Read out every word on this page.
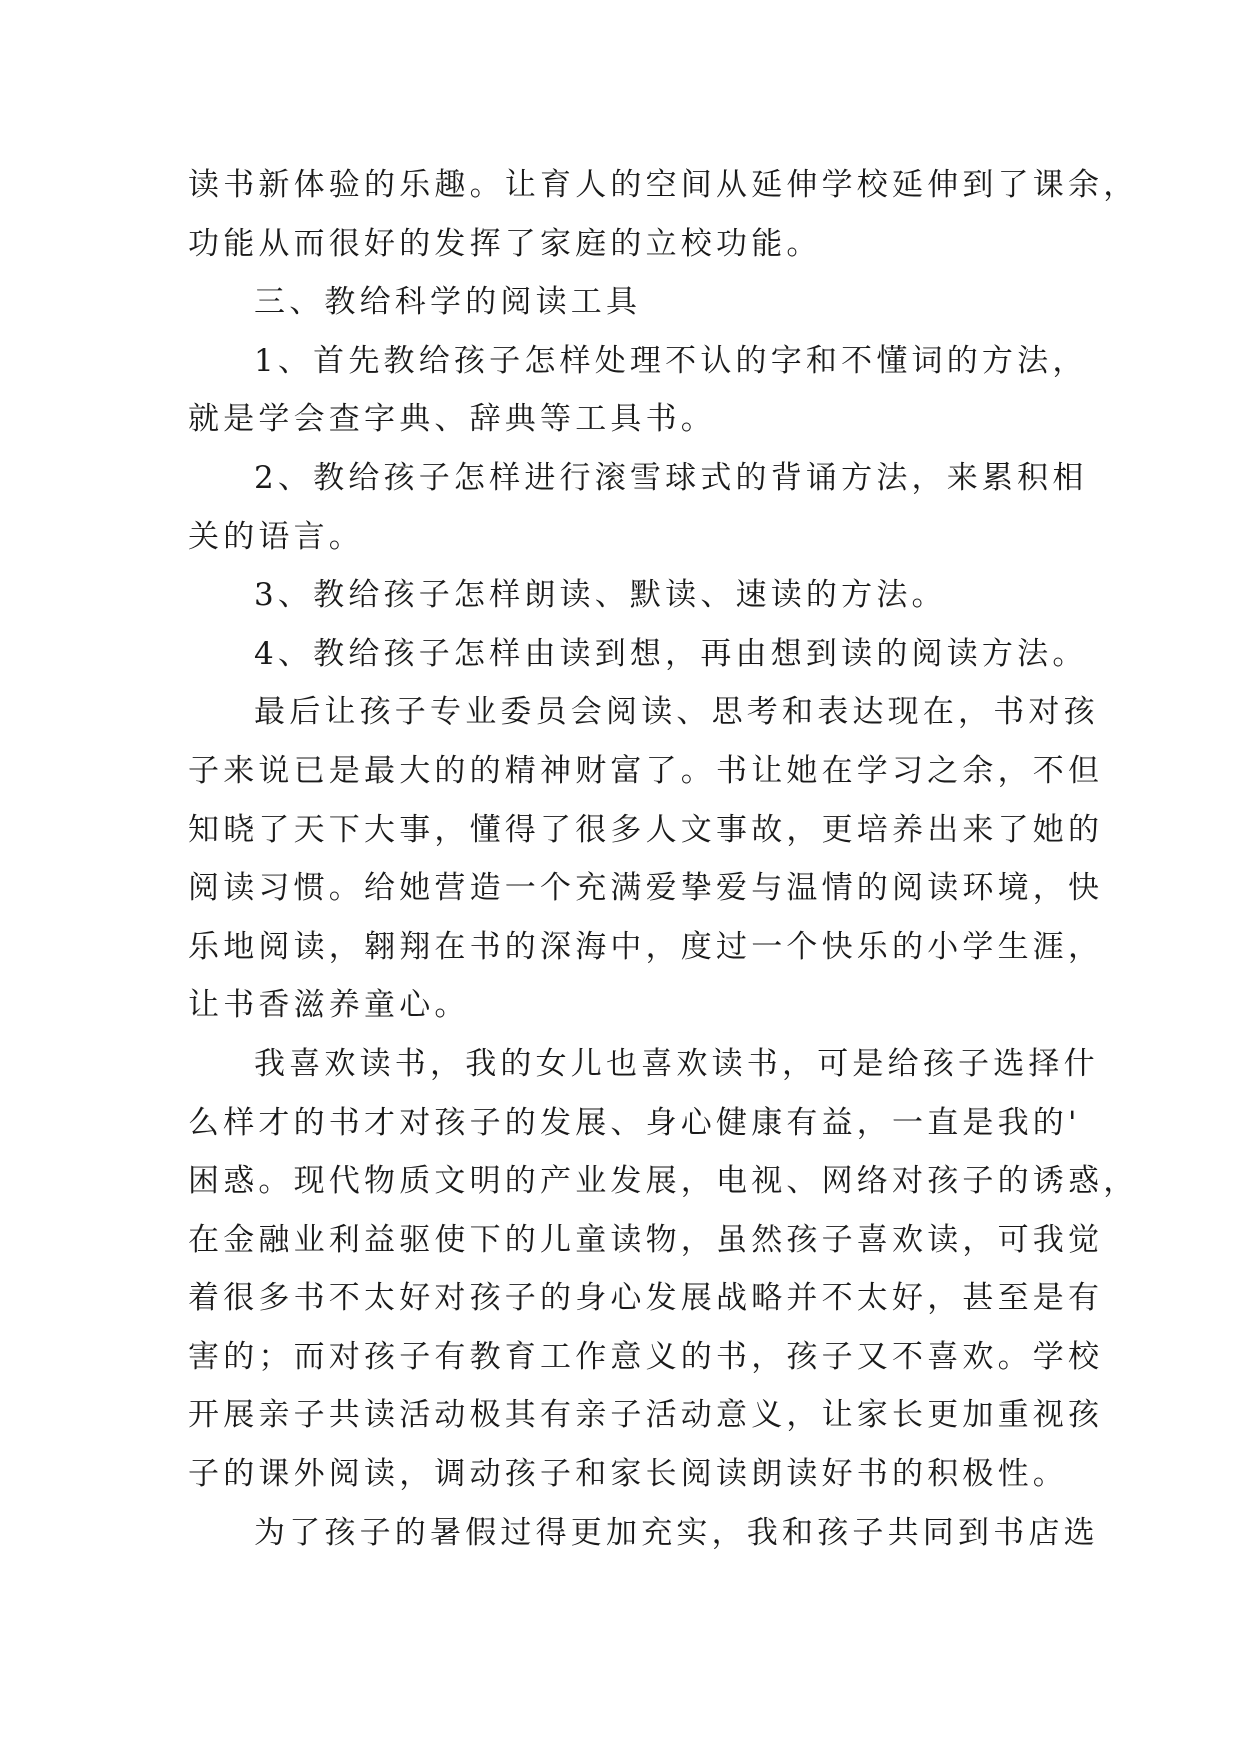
读书新体验的乐趣。让育人的空间从延伸学校延伸到了课余，
功能从而很好的发挥了家庭的立校功能。
三、教给科学的阅读工具
1、首先教给孩子怎样处理不认的字和不懂词的方法，
就是学会查字典、辞典等工具书。
2、教给孩子怎样进行滚雪球式的背诵方法，来累积相
关的语言。
3、教给孩子怎样朗读、默读、速读的方法。
4、教给孩子怎样由读到想，再由想到读的阅读方法。
最后让孩子专业委员会阅读、思考和表达现在，书对孩
子来说已是最大的的精神财富了。书让她在学习之余，不但
知晓了天下大事，懂得了很多人文事故，更培养出来了她的
阅读习惯。给她营造一个充满爱挚爱与温情的阅读环境，快
乐地阅读，翱翔在书的深海中，度过一个快乐的小学生涯，
让书香滋养童心。
我喜欢读书，我的女儿也喜欢读书，可是给孩子选择什
么样才的书才对孩子的发展、身心健康有益，一直是我的'
困惑。现代物质文明的产业发展，电视、网络对孩子的诱惑，
在金融业利益驱使下的儿童读物，虽然孩子喜欢读，可我觉
着很多书不太好对孩子的身心发展战略并不太好，甚至是有
害的；而对孩子有教育工作意义的书，孩子又不喜欢。学校
开展亲子共读活动极其有亲子活动意义，让家长更加重视孩
子的课外阅读，调动孩子和家长阅读朗读好书的积极性。
为了孩子的暑假过得更加充实，我和孩子共同到书店选
